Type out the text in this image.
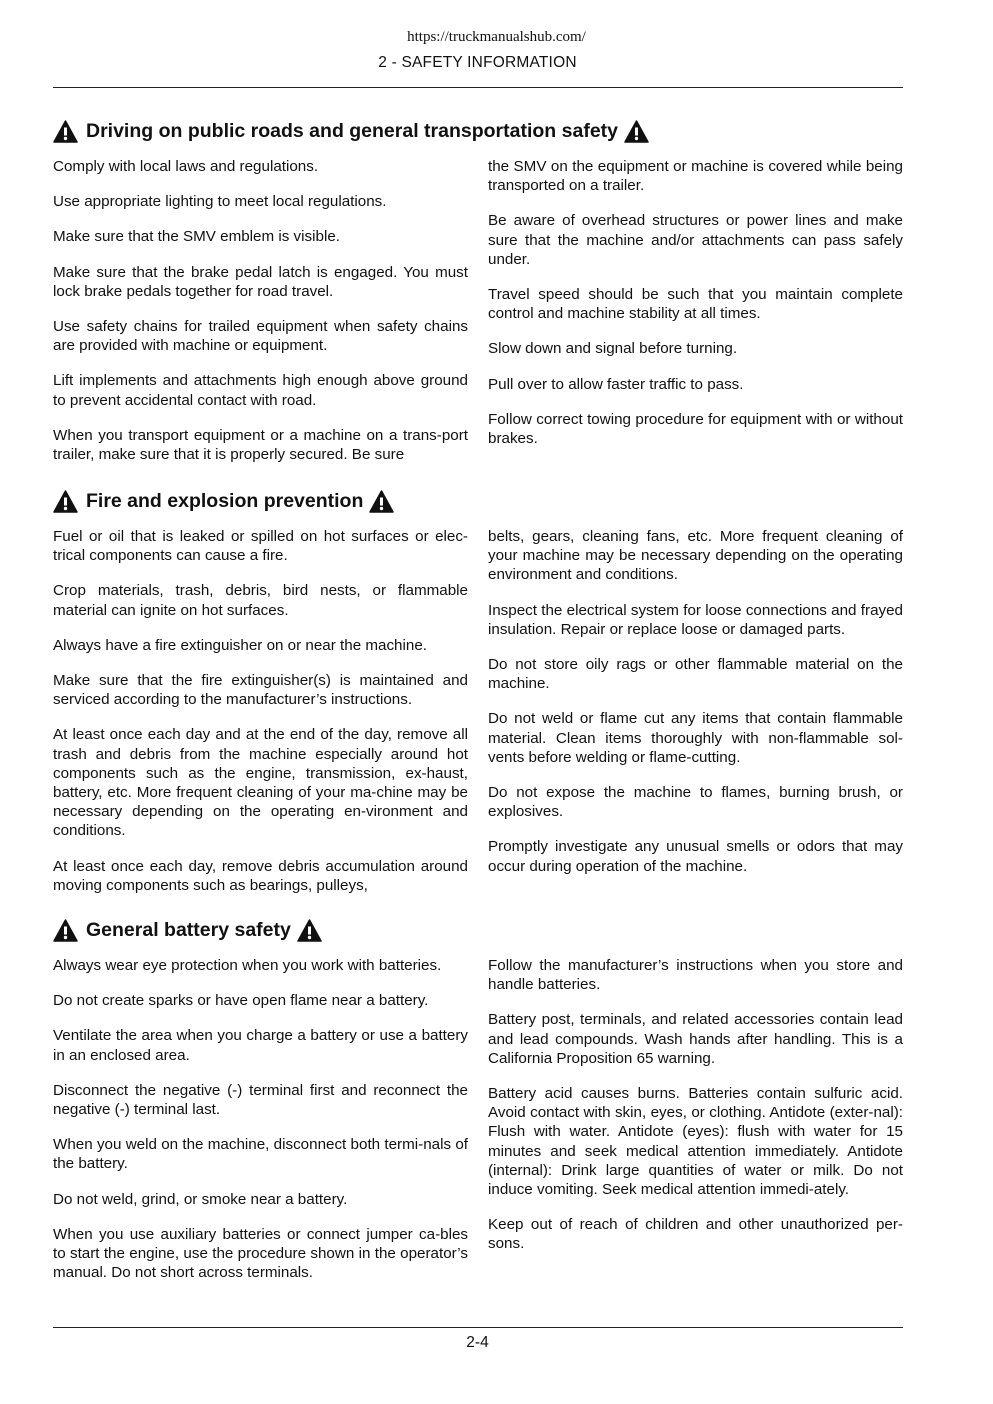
https://truckmanualshub.com/
2 - SAFETY INFORMATION
Driving on public roads and general transportation safety

Comply with local laws and regulations.

Use appropriate lighting to meet local regulations.

Make sure that the SMV emblem is visible.

Make sure that the brake pedal latch is engaged. You must lock brake pedals together for road travel.

Use safety chains for trailed equipment when safety chains are provided with machine or equipment.

Lift implements and attachments high enough above ground to prevent accidental contact with road.

When you transport equipment or a machine on a trans-port trailer, make sure that it is properly secured. Be sure

the SMV on the equipment or machine is covered while being transported on a trailer.

Be aware of overhead structures or power lines and make sure that the machine and/or attachments can pass safely under.

Travel speed should be such that you maintain complete control and machine stability at all times.

Slow down and signal before turning.

Pull over to allow faster traffic to pass.

Follow correct towing procedure for equipment with or without brakes.

Fire and explosion prevention

Fuel or oil that is leaked or spilled on hot surfaces or elec-trical components can cause a fire.

Crop materials, trash, debris, bird nests, or flammable material can ignite on hot surfaces.

Always have a fire extinguisher on or near the machine.

Make sure that the fire extinguisher(s) is maintained and serviced according to the manufacturer’s instructions.

At least once each day and at the end of the day, remove all trash and debris from the machine especially around hot components such as the engine, transmission, ex-haust, battery, etc. More frequent cleaning of your ma-chine may be necessary depending on the operating en-vironment and conditions.

At least once each day, remove debris accumulation around moving components such as bearings, pulleys,

belts, gears, cleaning fans, etc. More frequent cleaning of your machine may be necessary depending on the operating environment and conditions.

Inspect the electrical system for loose connections and frayed insulation. Repair or replace loose or damaged parts.

Do not store oily rags or other flammable material on the machine.

Do not weld or flame cut any items that contain flammable material. Clean items thoroughly with non-flammable sol-vents before welding or flame-cutting.

Do not expose the machine to flames, burning brush, or explosives.

Promptly investigate any unusual smells or odors that may occur during operation of the machine.

General battery safety

Always wear eye protection when you work with batteries.

Do not create sparks or have open flame near a battery.

Ventilate the area when you charge a battery or use a battery in an enclosed area.

Disconnect the negative (-) terminal first and reconnect the negative (-) terminal last.

When you weld on the machine, disconnect both termi-nals of the battery.

Do not weld, grind, or smoke near a battery.

When you use auxiliary batteries or connect jumper ca-bles to start the engine, use the procedure shown in the operator’s manual. Do not short across terminals.

Follow the manufacturer’s instructions when you store and handle batteries.

Battery post, terminals, and related accessories contain lead and lead compounds. Wash hands after handling. This is a California Proposition 65 warning.

Battery acid causes burns. Batteries contain sulfuric acid. Avoid contact with skin, eyes, or clothing. Antidote (exter-nal): Flush with water. Antidote (eyes): flush with water for 15 minutes and seek medical attention immediately. Antidote (internal): Drink large quantities of water or milk. Do not induce vomiting. Seek medical attention immedi-ately.

Keep out of reach of children and other unauthorized per-sons.

2-4
